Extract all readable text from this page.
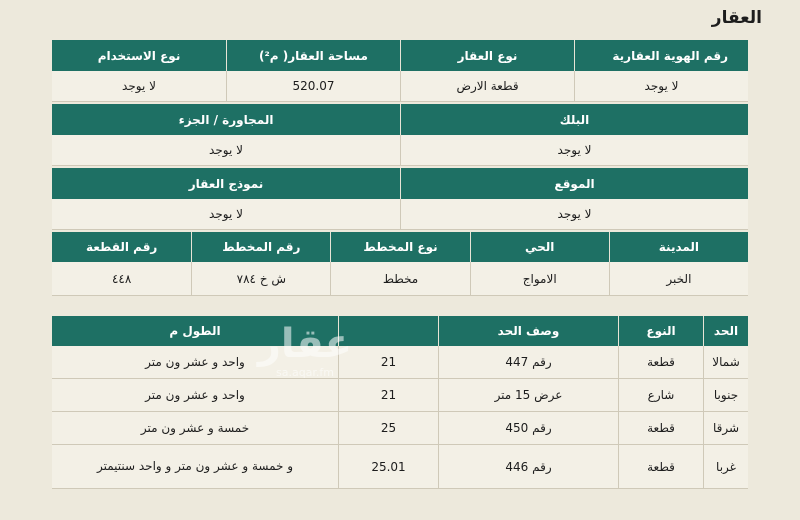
العقار
رقم الهوية العقارية
نوع العقار
مساحة العقار( م²)
نوع الاستخدام
لا يوجد
قطعة الارض
520.07
لا يوجد
البلك
المجاورة / الجزء
لا يوجد
لا يوجد
الموقع
نموذج العقار
لا يوجد
لا يوجد
المدينة
الحي
نوع المخطط
رقم المخطط
رقم القطعة
الخبر
الامواج
مخطط
ش خ ٧٨٤
٤٤٨
الحد
النوع
وصف الحد
الطول م
شمالا
قطعة
رقم 447
21
واحد و عشر ون متر
جنوبا
شارع
عرض 15 متر
21
واحد و عشر ون متر
شرقا
قطعة
رقم 450
25
خمسة و عشر ون متر
غربا
قطعة
رقم 446
25.01
و خمسة و عشر ون متر و واحد سنتيمتر
عقار
sa.aqar.fm
